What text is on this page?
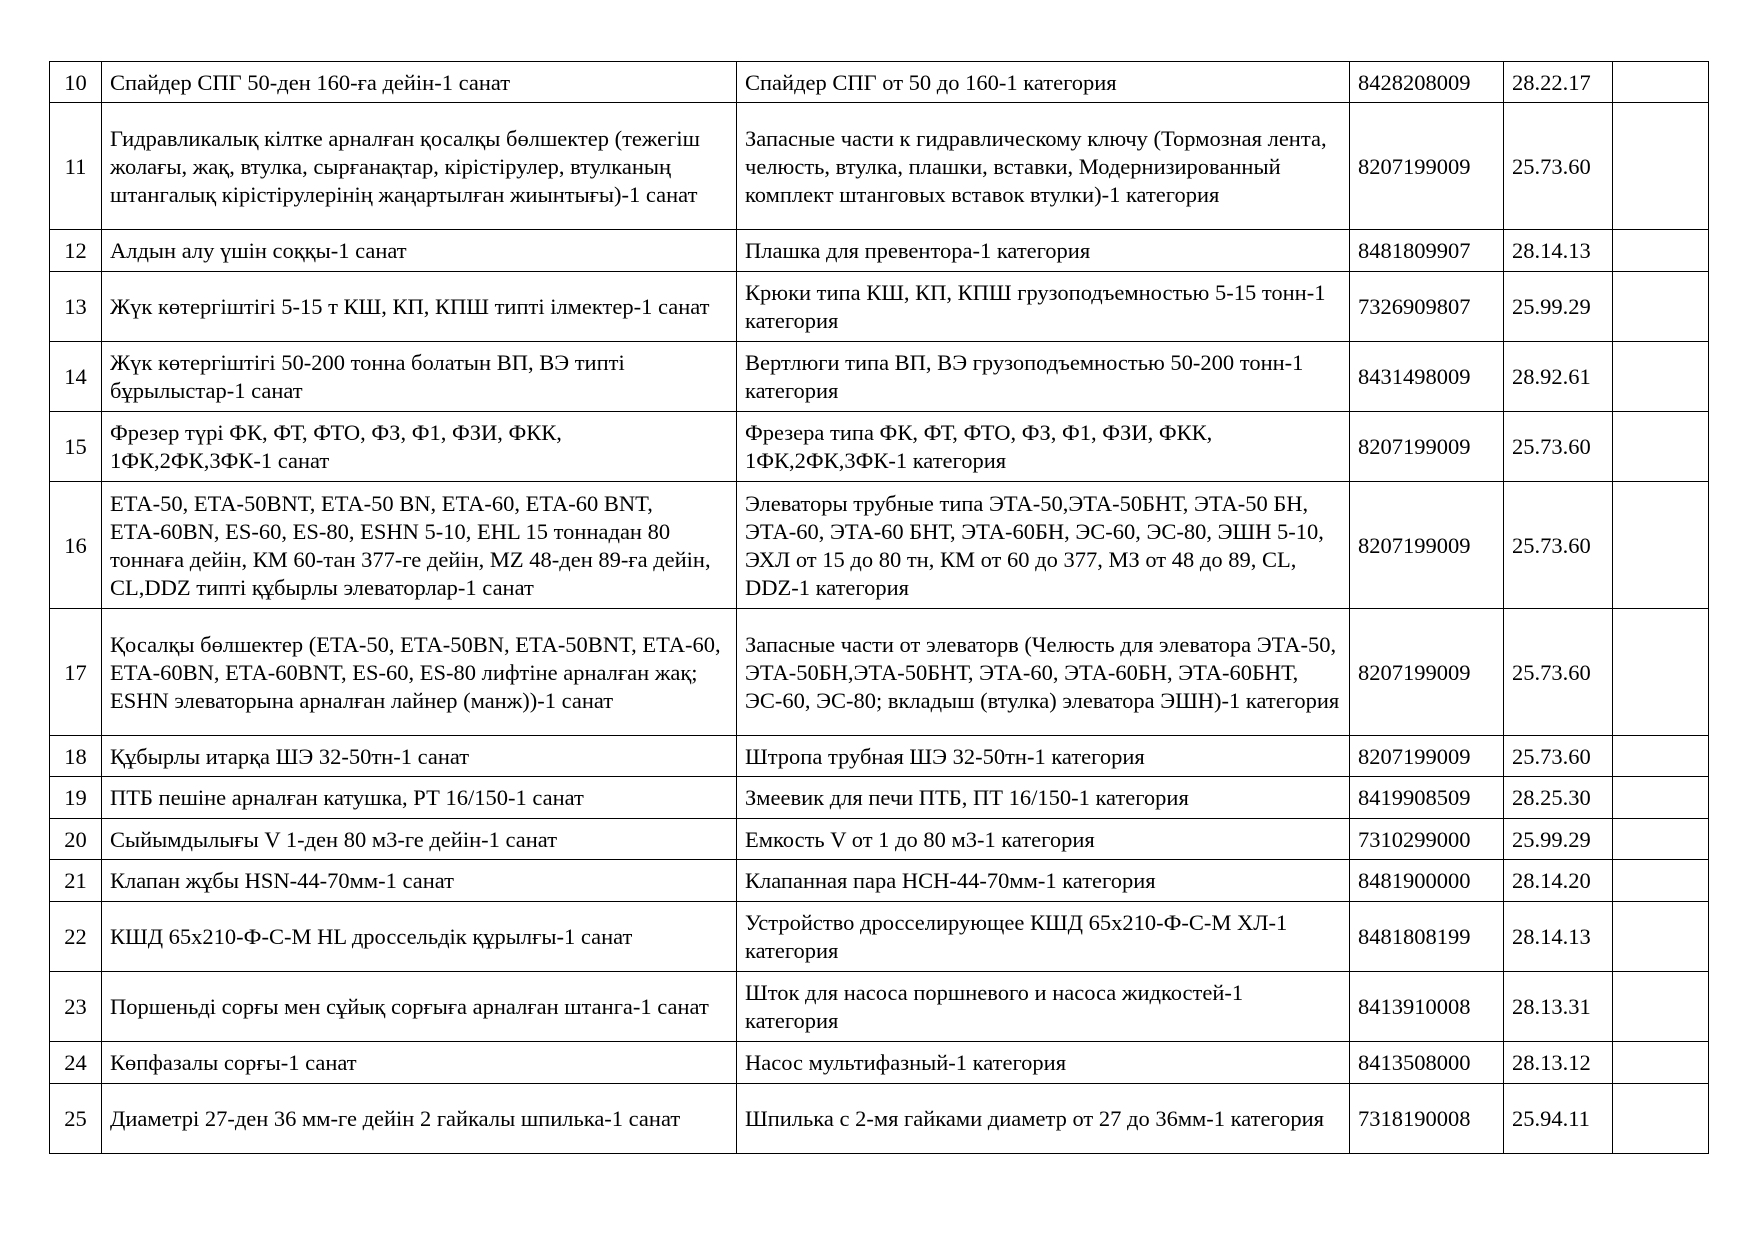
10	Спайдер СПГ 50-ден 160-ға дейін-1 санат	Спайдер СПГ от 50 до 160-1 категория	8428208009	28.22.17	
11	Гидравликалық кілтке арналған қосалқы бөлшектер (тежегіш жолағы, жақ, втулка, сырғанақтар, кірістірулер, втулканың штангалық кірістірулерінің жаңартылған жиынтығы)-1 санат	Запасные части к гидравлическому ключу (Тормозная лента, челюсть, втулка, плашки, вставки, Модернизированный комплект штанговых вставок втулки)-1 категория	8207199009	25.73.60	
12	Алдын алу үшін соққы-1 санат	Плашка для превентора-1 категория	8481809907	28.14.13	
13	Жүк көтергіштігі 5-15 т КШ, КП, КПШ типті ілмектер-1 санат	Крюки типа КШ, КП, КПШ грузоподъемностью 5-15 тонн-1 категория	7326909807	25.99.29	
14	Жүк көтергіштігі 50-200 тонна болатын ВП, ВЭ типті бұрылыстар-1 санат	Вертлюги типа ВП, ВЭ грузоподъемностью 50-200 тонн-1 категория	8431498009	28.92.61	
15	Фрезер түрі ФК, ФТ, ФТО, ФЗ, Ф1, ФЗИ, ФКК, 1ФК,2ФК,3ФК-1 санат	Фрезера типа ФК, ФТ, ФТО, ФЗ, Ф1, ФЗИ, ФКК, 1ФК,2ФК,3ФК-1 категория	8207199009	25.73.60	
16	ЕТА-50, ЕТА-50BNT, ЕТА-50 BN, ЕТА-60, ЕТА-60 BNT, ЕТА-60BN, ES-60, ES-80, ESHN 5-10, EHL 15 тоннадан 80 тоннаға дейін, КМ 60-тан 377-ге дейін, MZ 48-ден 89-ға дейін, CL,DDZ типті құбырлы элеваторлар-1 санат	Элеваторы трубные типа ЭТА-50,ЭТА-50БНТ, ЭТА-50 БН, ЭТА-60, ЭТА-60 БНТ, ЭТА-60БН, ЭС-60, ЭС-80, ЭШН 5-10, ЭХЛ от 15 до 80 тн, КМ от 60 до 377, МЗ от 48 до 89, CL, DDZ-1 категория	8207199009	25.73.60	
17	Қосалқы бөлшектер (ЕТА-50, ЕТА-50BN, ЕТА-50BNT, ЕТА-60, ЕТА-60BN, ЕТА-60BNT, ES-60, ES-80 лифтіне арналған жақ; ESHN элеваторына арналған лайнер (манж))-1 санат	Запасные части от элеваторв (Челюсть для элеватора ЭТА-50, ЭТА-50БН,ЭТА-50БНТ, ЭТА-60, ЭТА-60БН, ЭТА-60БНТ, ЭС-60, ЭС-80; вкладыш (втулка) элеватора ЭШН)-1 категория	8207199009	25.73.60	
18	Құбырлы итарқа ШЭ 32-50тн-1 санат	Штропа трубная ШЭ 32-50тн-1 категория	8207199009	25.73.60	
19	ПТБ пешіне арналған катушка, РТ 16/150-1 санат	Змеевик для печи ПТБ, ПТ 16/150-1 категория	8419908509	28.25.30	
20	Сыйымдылығы V 1-ден 80 м3-ге дейін-1 санат	Емкость V от 1 до 80 м3-1 категория	7310299000	25.99.29	
21	Клапан жұбы HSN-44-70мм-1 санат	Клапанная пара НСН-44-70мм-1 категория	8481900000	28.14.20	
22	КШД 65х210-Ф-С-М HL дроссельдік құрылғы-1 санат	Устройство дросселирующее КШД 65х210-Ф-С-М ХЛ-1 категория	8481808199	28.14.13	
23	Поршеньді сорғы мен сұйық сорғыға арналған штанга-1 санат	Шток для насоса поршневого и насоса жидкостей-1 категория	8413910008	28.13.31	
24	Көпфазалы сорғы-1 санат	Насос мультифазный-1 категория	8413508000	28.13.12	
25	Диаметрі 27-ден 36 мм-ге дейін 2 гайкалы шпилька-1 санат	Шпилька с 2-мя гайками диаметр от 27 до 36мм-1 категория	7318190008	25.94.11	
